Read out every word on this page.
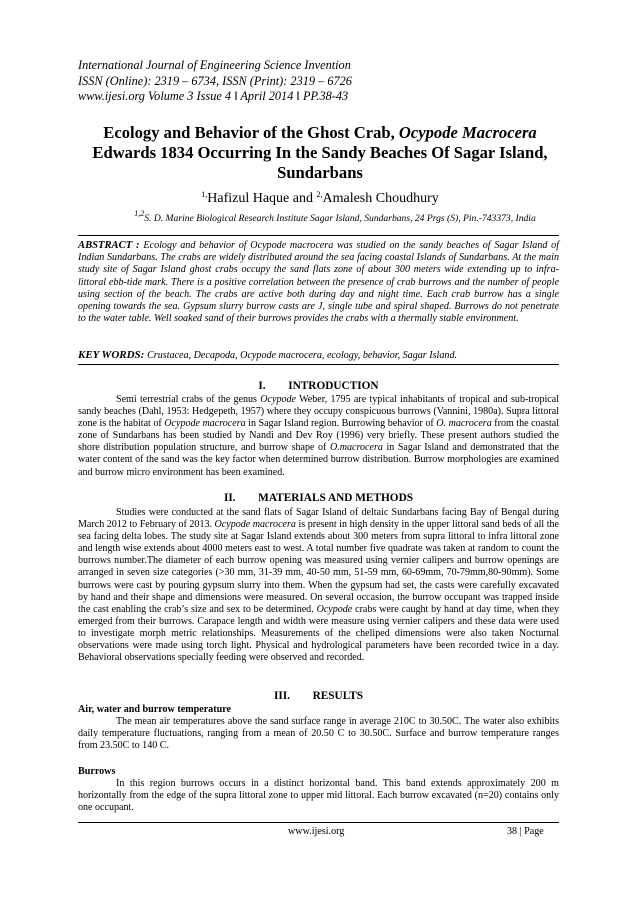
International Journal of Engineering Science Invention
ISSN (Online): 2319 – 6734, ISSN (Print): 2319 – 6726
www.ijesi.org Volume 3 Issue 4 ǁ April 2014 ǁ PP.38-43
Ecology and Behavior of the Ghost Crab, Ocypode Macrocera Edwards 1834 Occurring In the Sandy Beaches Of Sagar Island, Sundarbans
$^{1,}$Hafizul Haque and $^{2,}$Amalesh Choudhury
$^{1,2}$S. D. Marine Biological Research Institute Sagar Island, Sundarbans, 24 Prgs (S), Pin.-743373, India
ABSTRACT : Ecology and behavior of Ocypode macrocera was studied on the sandy beaches of Sagar Island of Indian Sundarbans. The crabs are widely distributed around the sea facing coastal Islands of Sundarbans. At the main study site of Sagar Island ghost crabs occupy the sand flats zone of about 300 meters wide extending up to infra-littoral ebb-tide mark. There is a positive correlation between the presence of crab burrows and the number of people using section of the beach. The crabs are active both during day and night time. Each crab burrow has a single opening towards the sea. Gypsum slurry burrow casts are J, single tube and spiral shaped. Burrows do not penetrate to the water table. Well soaked sand of their burrows provides the crabs with a thermally stable environment.
KEY WORDS: Crustacea, Decapoda, Ocypode macrocera, ecology, behavior, Sagar Island.
I.        INTRODUCTION
Semi terrestrial crabs of the genus Ocypode Weber, 1795 are typical inhabitants of tropical and sub-tropical sandy beaches (Dahl, 1953: Hedgepeth, 1957) where they occupy conspicuous burrows (Vannini, 1980a). Supra littoral zone is the habitat of Ocypode macrocera in Sagar Island region. Burrowing behavior of O. macrocera from the coastal zone of Sundarbans has been studied by Nandi and Dev Roy (1996) very briefly. These present authors studied the shore distribution population structure, and burrow shape of O.macrocera in Sagar Island and demonstrated that the water content of the sand was the key factor when determined burrow distribution. Burrow morphologies are examined and burrow micro environment has been examined.
II.        MATERIALS AND METHODS
Studies were conducted at the sand flats of Sagar Island of deltaic Sundarbans facing Bay of Bengal during March 2012 to February of 2013. Ocypode macrocera is present in high density in the upper littoral sand beds of all the sea facing delta lobes. The study site at Sagar Island extends about 300 meters from supra littoral to infra littoral zone and length wise extends about 4000 meters east to west. A total number five quadrate was taken at random to count the burrows number.The diameter of each burrow opening was measured using vernier calipers and burrow openings are arranged in seven size categories (>30 mm, 31-39 mm, 40-50 mm, 51-59 mm, 60-69mm, 70-79mm,80-90mm). Some burrows were cast by pouring gypsum slurry into them. When the gypsum had set, the casts were carefully excavated by hand and their shape and dimensions were measured. On several occasion, the burrow occupant was trapped inside the cast enabling the crab’s size and sex to be determined. Ocypode crabs were caught by hand at day time, when they emerged from their burrows. Carapace length and width were measure using vernier calipers and these data were used to investigate morph metric relationships. Measurements of the cheliped dimensions were also taken Nocturnal observations were made using torch light. Physical and hydrological parameters have been recorded twice in a day. Behavioral observations specially feeding were observed and recorded.
III.        RESULTS
Air, water and burrow temperature
The mean air temperatures above the sand surface range in average 210C to 30.50C. The water also exhibits daily temperature fluctuations, ranging from a mean of 20.50 C to 30.50C. Surface and burrow temperature ranges from 23.50C to 140 C.
Burrows
In this region burrows occurs in a distinct horizontal band. This band extends approximately 200 m horizontally from the edge of the supra littoral zone to upper mid littoral. Each burrow excavated (n=20) contains only one occupant.
www.ijesi.org	38 | Page
